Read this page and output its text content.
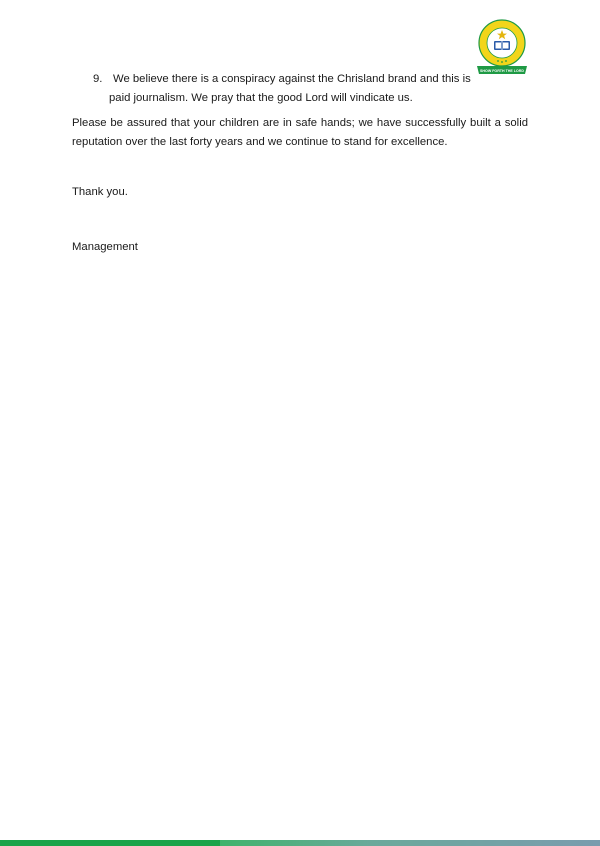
SHOW FORTH THE LORD
9. We believe there is a conspiracy against the Chrisland brand and this is
paid journalism. We pray that the good Lord will vindicate us.

Please be assured that your children are in safe hands; we have successfully built a solid reputation over the last forty years and we continue to stand for excellence.

Thank you.

Management
